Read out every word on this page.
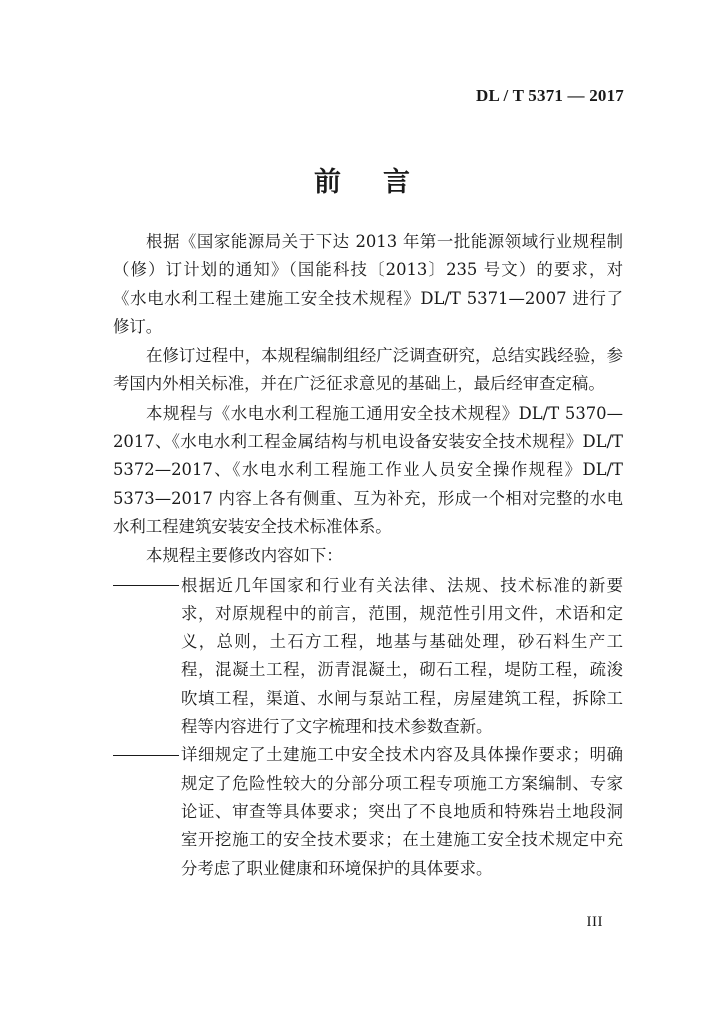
DL / T 5371 — 2017
前 言

根据《国家能源局关于下达 2013 年第一批能源领域行业规程制（修）订计划的通知》（国能科技〔2013〕235 号文）的要求，对《水电水利工程土建施工安全技术规程》DL/T 5371—2007 进行了修订。

在修订过程中，本规程编制组经广泛调查研究，总结实践经验，参考国内外相关标准，并在广泛征求意见的基础上，最后经审查定稿。

本规程与《水电水利工程施工通用安全技术规程》DL/T 5370—2017、《水电水利工程金属结构与机电设备安装安全技术规程》DL/T 5372—2017、《水电水利工程施工作业人员安全操作规程》DL/T 5373—2017 内容上各有侧重、互为补充，形成一个相对完整的水电水利工程建筑安装安全技术标准体系。

本规程主要修改内容如下：

根据近几年国家和行业有关法律、法规、技术标准的新要求，对原规程中的前言，范围，规范性引用文件，术语和定义，总则，土石方工程，地基与基础处理，砂石料生产工程，混凝土工程，沥青混凝土，砌石工程，堤防工程，疏浚吹填工程，渠道、水闸与泵站工程，房屋建筑工程，拆除工程等内容进行了文字梳理和技术参数查新。
详细规定了土建施工中安全技术内容及具体操作要求；明确规定了危险性较大的分部分项工程专项施工方案编制、专家论证、审查等具体要求；突出了不良地质和特殊岩土地段洞室开挖施工的安全技术要求；在土建施工安全技术规定中充分考虑了职业健康和环境保护的具体要求。
III
